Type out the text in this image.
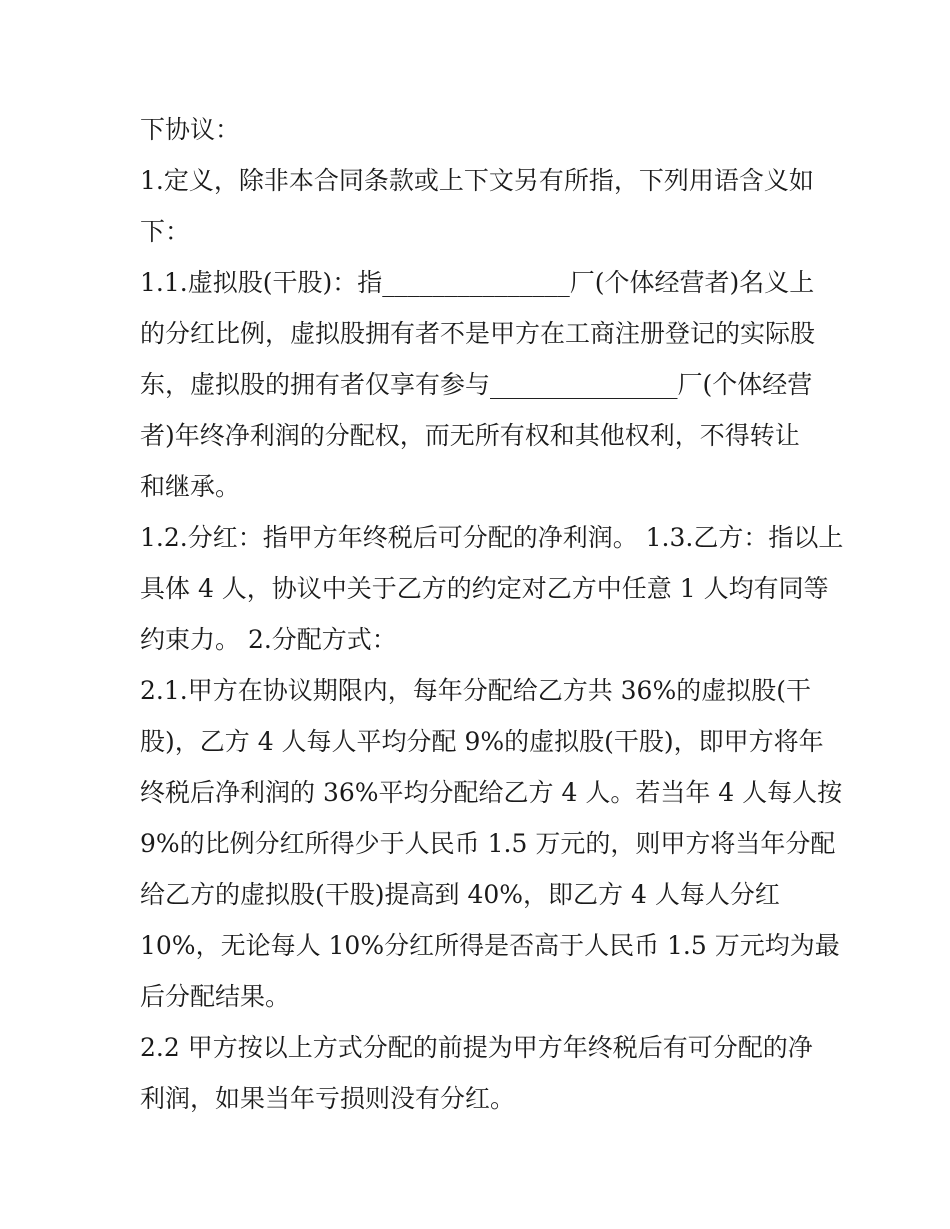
下协议：
1.定义，除非本合同条款或上下文另有所指，下列用语含义如
下：
1.1.虚拟股(干股)：指_______________厂(个体经营者)名义上
的分红比例，虚拟股拥有者不是甲方在工商注册登记的实际股
东，虚拟股的拥有者仅享有参与_______________厂(个体经营
者)年终净利润的分配权，而无所有权和其他权利，不得转让
和继承。
1.2.分红：指甲方年终税后可分配的净利润。 1.3.乙方：指以上
具体 4 人，协议中关于乙方的约定对乙方中任意 1 人均有同等
约束力。 2.分配方式：
2.1.甲方在协议期限内，每年分配给乙方共 36%的虚拟股(干
股)，乙方 4 人每人平均分配 9%的虚拟股(干股)，即甲方将年
终税后净利润的 36%平均分配给乙方 4 人。若当年 4 人每人按
9%的比例分红所得少于人民币 1.5 万元的，则甲方将当年分配
给乙方的虚拟股(干股)提高到 40%，即乙方 4 人每人分红
10%，无论每人 10%分红所得是否高于人民币 1.5 万元均为最
后分配结果。
2.2 甲方按以上方式分配的前提为甲方年终税后有可分配的净
利润，如果当年亏损则没有分红。
